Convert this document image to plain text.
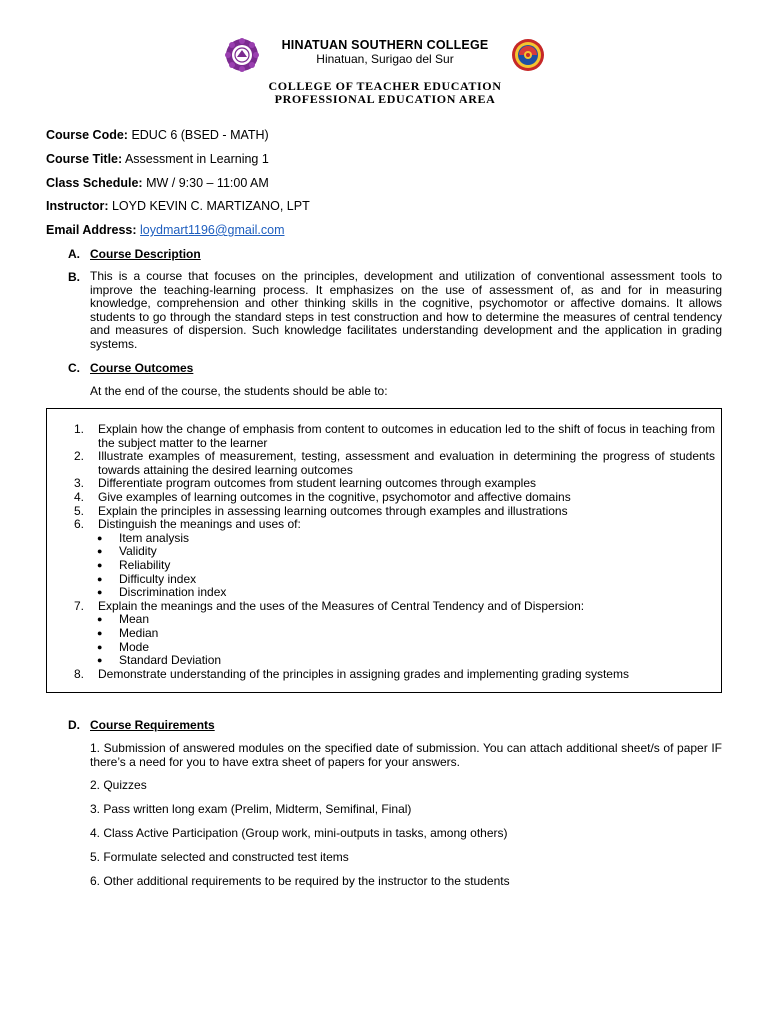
HINATUAN SOUTHERN COLLEGE
Hinatuan, Surigao del Sur
COLLEGE OF TEACHER EDUCATION
PROFESSIONAL EDUCATION AREA
Course Code: EDUC 6 (BSED - MATH)
Course Title: Assessment in Learning 1
Class Schedule: MW / 9:30 – 11:00 AM
Instructor: LOYD KEVIN C. MARTIZANO, LPT
Email Address: loydmart1196@gmail.com
A. Course Description
B. This is a course that focuses on the principles, development and utilization of conventional assessment tools to improve the teaching-learning process. It emphasizes on the use of assessment of, as and for in measuring knowledge, comprehension and other thinking skills in the cognitive, psychomotor or affective domains. It allows students to go through the standard steps in test construction and how to determine the measures of central tendency and measures of dispersion. Such knowledge facilitates understanding development and the application in grading systems.
C. Course Outcomes
At the end of the course, the students should be able to:
1. Explain how the change of emphasis from content to outcomes in education led to the shift of focus in teaching from the subject matter to the learner
2. Illustrate examples of measurement, testing, assessment and evaluation in determining the progress of students towards attaining the desired learning outcomes
3. Differentiate program outcomes from student learning outcomes through examples
4. Give examples of learning outcomes in the cognitive, psychomotor and affective domains
5. Explain the principles in assessing learning outcomes through examples and illustrations
6. Distinguish the meanings and uses of:
● Item analysis
● Validity
● Reliability
● Difficulty index
● Discrimination index
7. Explain the meanings and the uses of the Measures of Central Tendency and of Dispersion:
● Mean
● Median
● Mode
● Standard Deviation
8. Demonstrate understanding of the principles in assigning grades and implementing grading systems
D. Course Requirements
1. Submission of answered modules on the specified date of submission. You can attach additional sheet/s of paper IF there’s a need for you to have extra sheet of papers for your answers.
2. Quizzes
3. Pass written long exam (Prelim, Midterm, Semifinal, Final)
4. Class Active Participation (Group work, mini-outputs in tasks, among others)
5. Formulate selected and constructed test items
6. Other additional requirements to be required by the instructor to the students
